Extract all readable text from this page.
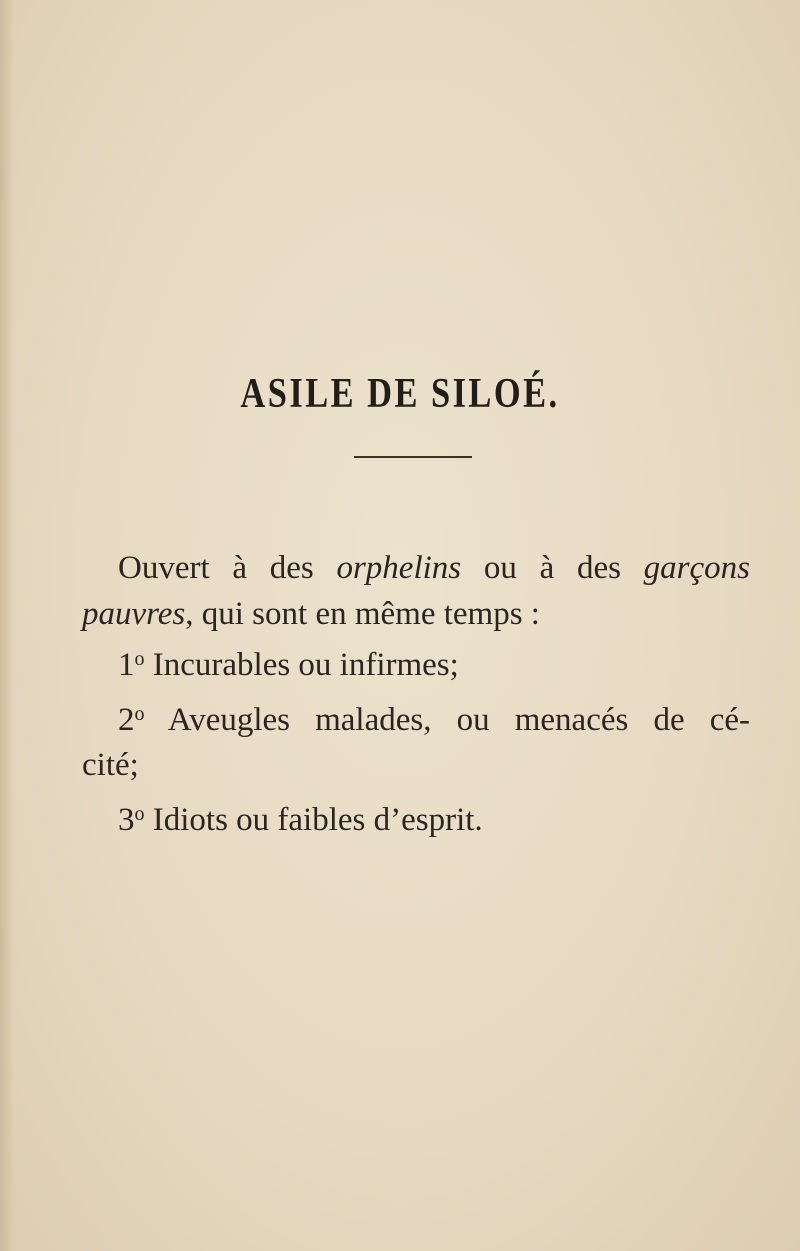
ASILE DE SILOÉ.
Ouvert à des orphelins ou à des garçons
pauvres, qui sont en même temps :
1$^o$ Incurables ou infirmes;
2$^o$ Aveugles malades, ou menacés de cé-
cité;
3$^o$ Idiots ou faibles d’esprit.
